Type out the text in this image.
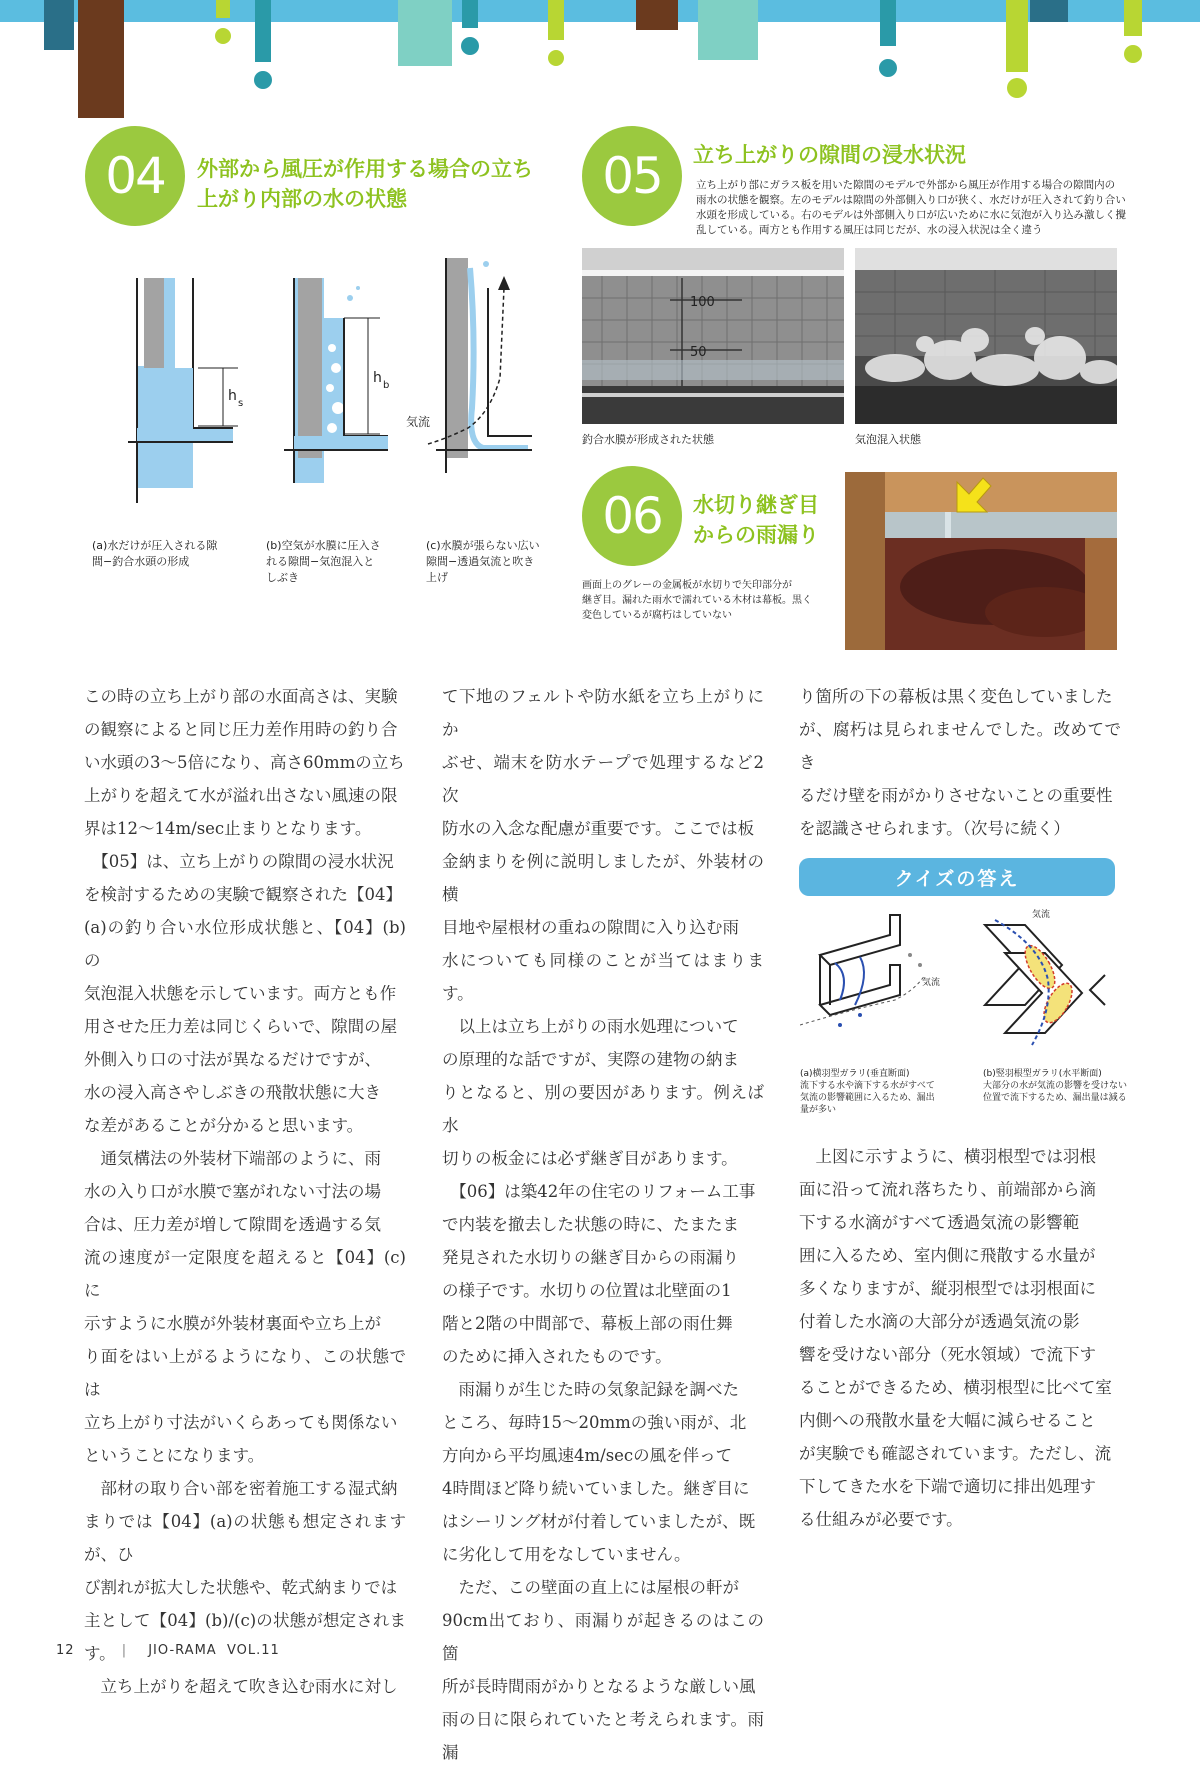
04	外部から風圧が作用する場合の立ち
上がり内部の水の状態
h s
h b
気流
(a)水だけが圧入される隙
間−釣合水頭の形成
(b)空気が水膜に圧入さ
れる隙間−気泡混入と
しぶき
(c)水膜が張らない広い
隙間−透過気流と吹き
上げ
05	立ち上がりの隙間の浸水状況
立ち上がり部にガラス板を用いた隙間のモデルで外部から風圧が作用する場合の隙間内の
雨水の状態を観察。左のモデルは隙間の外部側入り口が狭く、水だけが圧入されて釣り合い
水頭を形成している。右のモデルは外部側入り口が広いために水に気泡が入り込み激しく攪
乱している。両方とも作用する風圧は同じだが、水の浸入状況は全く違う
100
50
釣合水膜が形成された状態	気泡混入状態
06	水切り継ぎ目
からの雨漏り
画面上のグレーの金属板が水切りで矢印部分が
継ぎ目。漏れた雨水で濡れている木材は幕板。黒く
変色しているが腐朽はしていない
この時の立ち上がり部の水面高さは、実験
の観察によると同じ圧力差作用時の釣り合
い水頭の3〜5倍になり、高さ60mmの立ち
上がりを超えて水が溢れ出さない風速の限
界は12〜14m/sec止まりとなります。
　【05】は、立ち上がりの隙間の浸水状況
を検討するための実験で観察された【04】
(a)の釣り合い水位形成状態と、【04】(b)の
気泡混入状態を示しています。両方とも作
用させた圧力差は同じくらいで、隙間の屋
外側入り口の寸法が異なるだけですが、
水の浸入高さやしぶきの飛散状態に大き
な差があることが分かると思います。
　通気構法の外装材下端部のように、雨
水の入り口が水膜で塞がれない寸法の場
合は、圧力差が増して隙間を透過する気
流の速度が一定限度を超えると【04】(c)に
示すように水膜が外装材裏面や立ち上が
り面をはい上がるようになり、この状態では
立ち上がり寸法がいくらあっても関係ない
ということになります。
　部材の取り合い部を密着施工する湿式納
まりでは【04】(a)の状態も想定されますが、ひ
び割れが拡大した状態や、乾式納まりでは
主として【04】(b)/(c)の状態が想定されます。
　立ち上がりを超えて吹き込む雨水に対し
て下地のフェルトや防水紙を立ち上がりにか
ぶせ、端末を防水テープで処理するなど2次
防水の入念な配慮が重要です。ここでは板
金納まりを例に説明しましたが、外装材の横
目地や屋根材の重ねの隙間に入り込む雨
水についても同様のことが当てはまります。
　以上は立ち上がりの雨水処理について
の原理的な話ですが、実際の建物の納ま
りとなると、別の要因があります。例えば水
切りの板金には必ず継ぎ目があります。
　【06】は築42年の住宅のリフォーム工事
で内装を撤去した状態の時に、たまたま
発見された水切りの継ぎ目からの雨漏り
の様子です。水切りの位置は北壁面の1
階と2階の中間部で、幕板上部の雨仕舞
のために挿入されたものです。
　雨漏りが生じた時の気象記録を調べた
ところ、毎時15〜20mmの強い雨が、北
方向から平均風速4m/secの風を伴って
4時間ほど降り続いていました。継ぎ目に
はシーリング材が付着していましたが、既
に劣化して用をなしていません。
　ただ、この壁面の直上には屋根の軒が
90cm出ており、雨漏りが起きるのはこの箇
所が長時間雨がかりとなるような厳しい風
雨の日に限られていたと考えられます。雨漏
り箇所の下の幕板は黒く変色していました
が、腐朽は見られませんでした。改めてでき
るだけ壁を雨がかりさせないことの重要性
を認識させられます。（次号に続く）
クイズの答え
気流
気流
(a)横羽型ガラリ(垂直断面)
流下する水や滴下する水がすべて
気流の影響範囲に入るため、漏出
量が多い
(b)竪羽根型ガラリ(水平断面)
大部分の水が気流の影響を受けない
位置で流下するため、漏出量は減る
　上図に示すように、横羽根型では羽根
面に沿って流れ落ちたり、前端部から滴
下する水滴がすべて透過気流の影響範
囲に入るため、室内側に飛散する水量が
多くなりますが、縦羽根型では羽根面に
付着した水滴の大部分が透過気流の影
響を受けない部分（死水領域）で流下す
ることができるため、横羽根型に比べて室
内側への飛散水量を大幅に減らせること
が実験でも確認されています。ただし、流
下してきた水を下端で適切に排出処理す
る仕組みが必要です。
12	| JIO-RAMA  VOL.11
